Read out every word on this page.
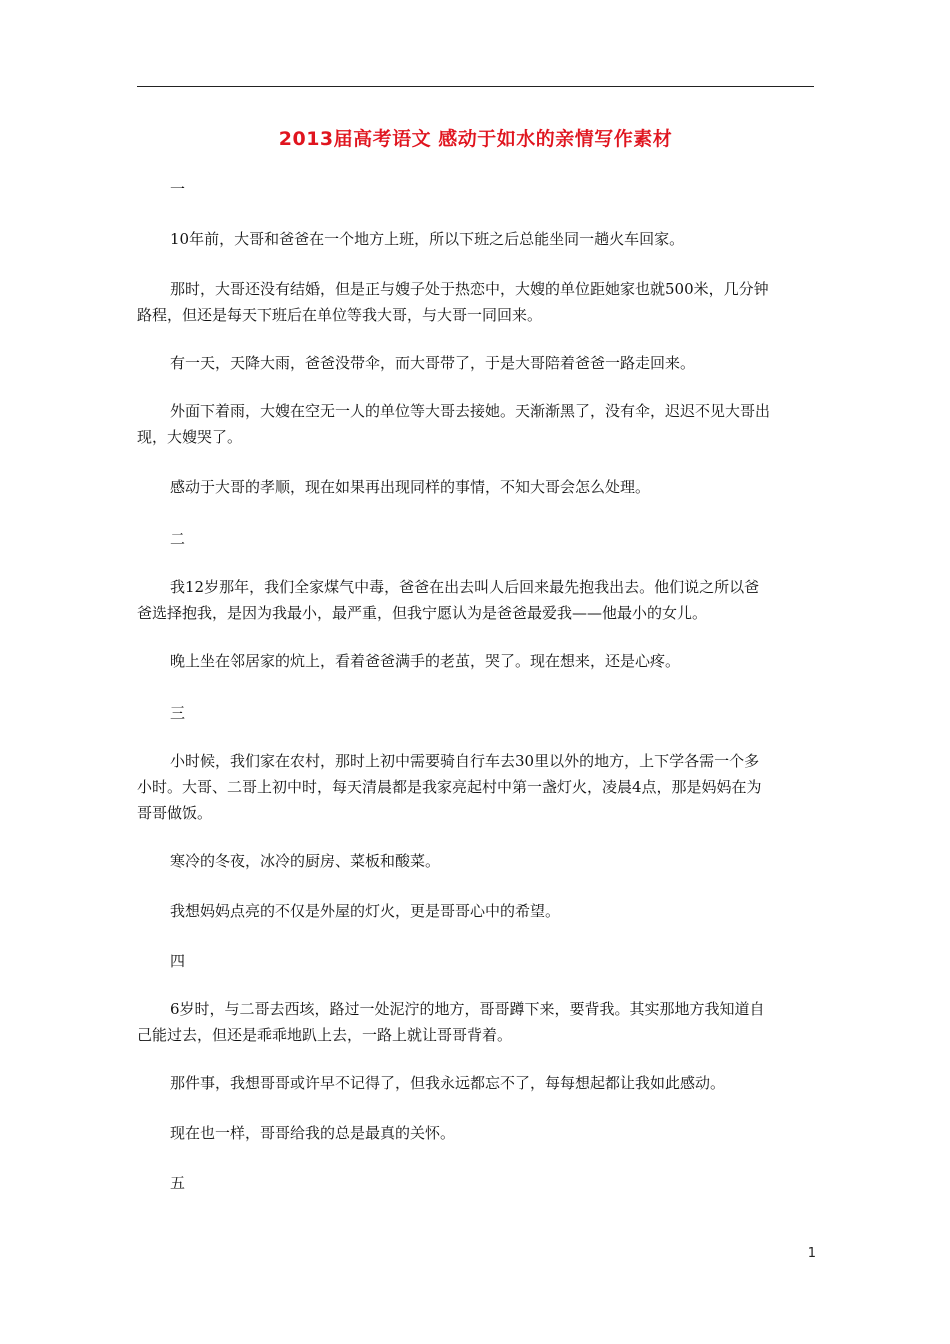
2013届高考语文 感动于如水的亲情写作素材
一
10年前，大哥和爸爸在一个地方上班，所以下班之后总能坐同一趟火车回家。
那时，大哥还没有结婚，但是正与嫂子处于热恋中，大嫂的单位距她家也就500米，几分钟
路程，但还是每天下班后在单位等我大哥，与大哥一同回来。
有一天，天降大雨，爸爸没带伞，而大哥带了，于是大哥陪着爸爸一路走回来。
外面下着雨，大嫂在空无一人的单位等大哥去接她。天渐渐黑了，没有伞，迟迟不见大哥出
现，大嫂哭了。
感动于大哥的孝顺，现在如果再出现同样的事情，不知大哥会怎么处理。
二
我12岁那年，我们全家煤气中毒，爸爸在出去叫人后回来最先抱我出去。他们说之所以爸
爸选择抱我，是因为我最小，最严重，但我宁愿认为是爸爸最爱我——他最小的女儿。
晚上坐在邻居家的炕上，看着爸爸满手的老茧，哭了。现在想来，还是心疼。
三
小时候，我们家在农村，那时上初中需要骑自行车去30里以外的地方，上下学各需一个多
小时。大哥、二哥上初中时，每天清晨都是我家亮起村中第一盏灯火，凌晨4点，那是妈妈在为
哥哥做饭。
寒冷的冬夜，冰冷的厨房、菜板和酸菜。
我想妈妈点亮的不仅是外屋的灯火，更是哥哥心中的希望。
四
6岁时，与二哥去西垓，路过一处泥泞的地方，哥哥蹲下来，要背我。其实那地方我知道自
己能过去，但还是乖乖地趴上去，一路上就让哥哥背着。
那件事，我想哥哥或许早不记得了，但我永远都忘不了，每每想起都让我如此感动。
现在也一样，哥哥给我的总是最真的关怀。
五
1
